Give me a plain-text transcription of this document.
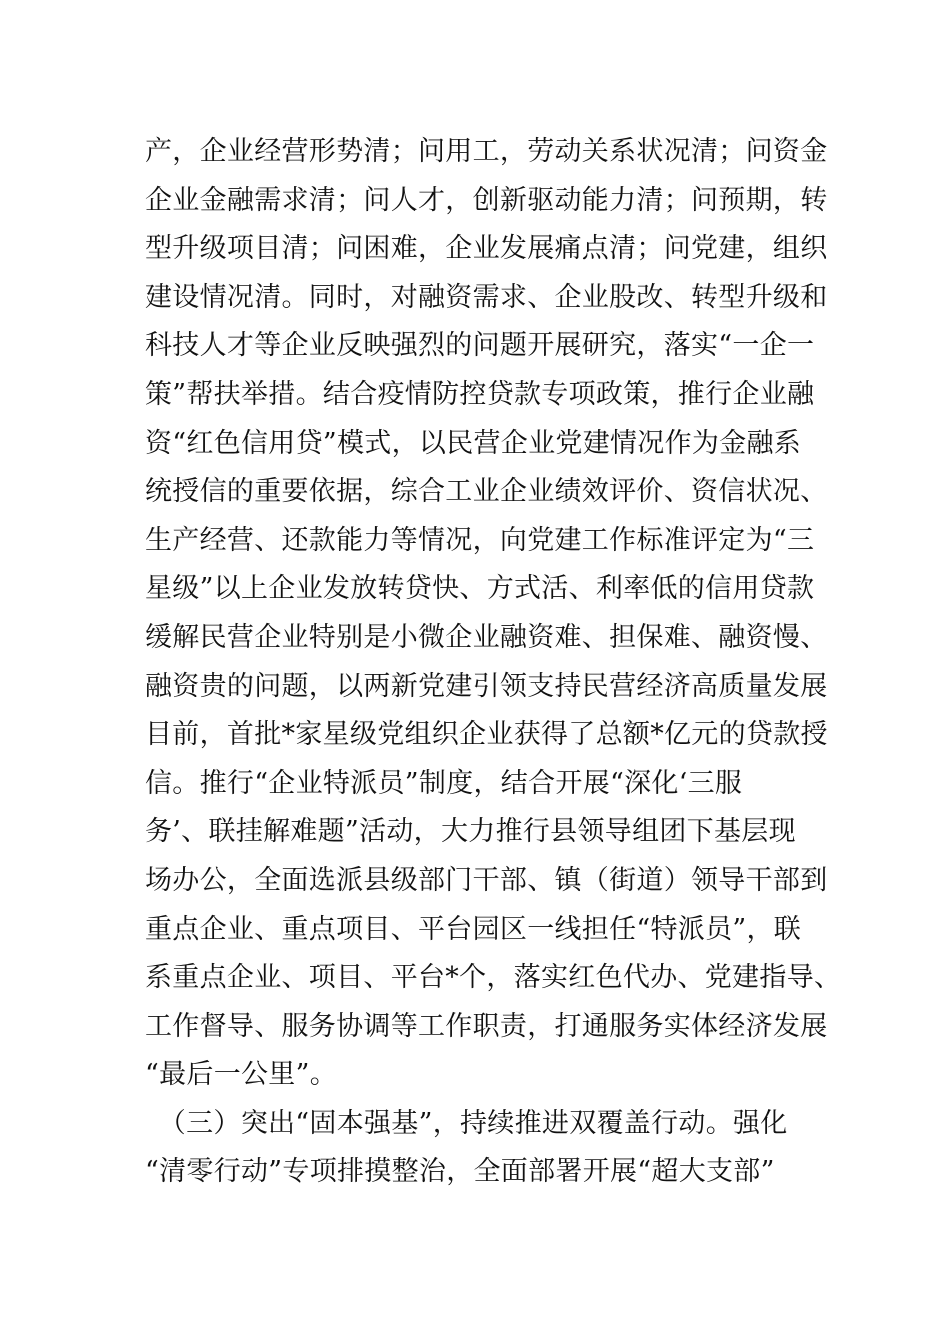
产，企业经营形势清；问用工，劳动关系状况清；问资金
企业金融需求清；问人才，创新驱动能力清；问预期，转
型升级项目清；问困难，企业发展痛点清；问党建，组织
建设情况清。同时，对融资需求、企业股改、转型升级和
科技人才等企业反映强烈的问题开展研究，落实“一企一
策”帮扶举措。结合疫情防控贷款专项政策，推行企业融
资“红色信用贷”模式，以民营企业党建情况作为金融系
统授信的重要依据，综合工业企业绩效评价、资信状况、
生产经营、还款能力等情况，向党建工作标准评定为“三
星级”以上企业发放转贷快、方式活、利率低的信用贷款
缓解民营企业特别是小微企业融资难、担保难、融资慢、
融资贵的问题，以两新党建引领支持民营经济高质量发展
目前，首批*家星级党组织企业获得了总额*亿元的贷款授
信。推行“企业特派员”制度，结合开展“深化‘三服
务’、联挂解难题”活动，大力推行县领导组团下基层现
场办公，全面选派县级部门干部、镇（街道）领导干部到
重点企业、重点项目、平台园区一线担任“特派员”，联
系重点企业、项目、平台*个，落实红色代办、党建指导、
工作督导、服务协调等工作职责，打通服务实体经济发展
“最后一公里”。
　（三）突出“固本强基”，持续推进双覆盖行动。强化
“清零行动”专项排摸整治，全面部署开展“超大支部”
